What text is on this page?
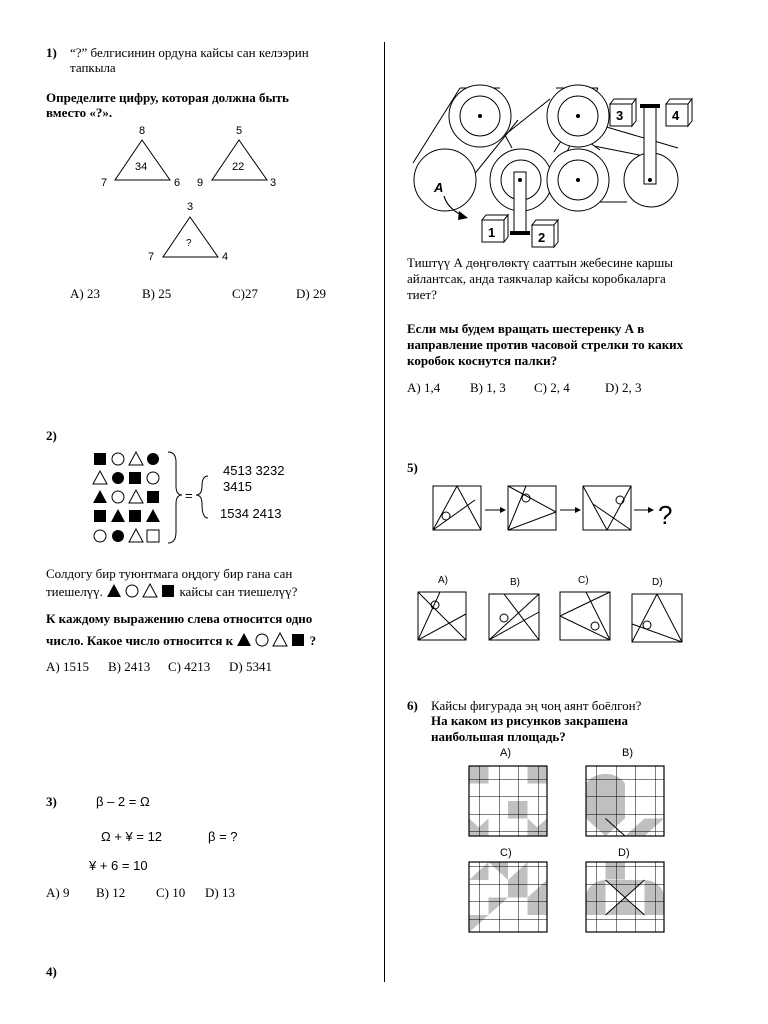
1) “?” белгисинин ордуна кайсы сан келээрин
тапкыла
Определите цифру, которая должна быть
вместо «?».
8
7	6
34
5
9	3
22
3
7	4
?
A) 23	B) 25	C)27	D) 29
2)
=
4513 3232
3415
1534 2413
Солдогу бир туюнтмага оңдогу бир гана сан
тиешелүү.	кайсы сан тиешелүү?
К каждому выражению слева относится одно
число. Какое число относится к	?
A) 1515 B) 2413 C) 4213 D) 5341
3)	β – 2 = Ω
Ω + ¥ = 12	β = ?
¥ + 6 = 10
A) 9 B) 12 C) 10 D) 13
4)
A
1	2
3	4
Тиштүү А дөңгөлөктү сааттын жебесине каршы
айлантсак, анда таякчалар кайсы коробкаларга
тиет?
Если мы будем вращать шестеренку А в
направление против часовой стрелки то каких
коробок коснутся палки?
A) 1,4 B) 1, 3 C) 2, 4	D) 2, 3
5)
?
A)	B)	C)	D)
6) Кайсы фигурада эң чоң аянт боёлгон?
На каком из рисунков закрашена
наибольшая площадь?
A)	B)
C)	D)
